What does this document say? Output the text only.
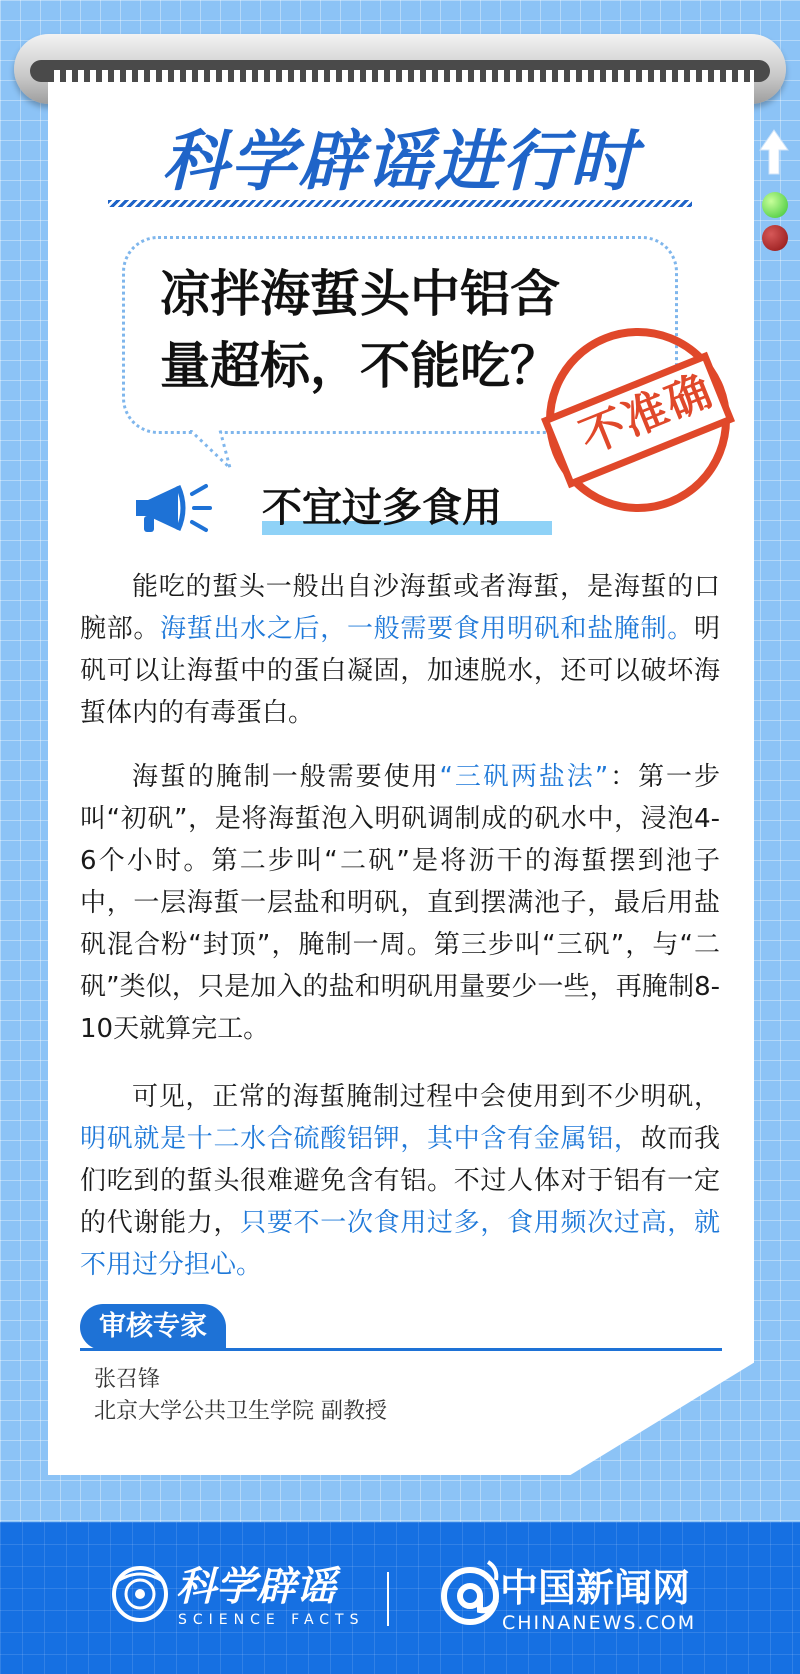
科学辟谣进行时
凉拌海蜇头中铝含
量超标，不能吃？ 不准确
不宜过多食用

能吃的蜇头一般出自沙海蜇或者海蜇，是海蜇的口腕部。海蜇出水之后，一般需要食用明矾和盐腌制。明矾可以让海蜇中的蛋白凝固，加速脱水，还可以破坏海蜇体内的有毒蛋白。

海蜇的腌制一般需要使用“三矾两盐法”：第一步叫“初矾”，是将海蜇泡入明矾调制成的矾水中，浸泡4-6个小时。第二步叫“二矾”是将沥干的海蜇摆到池子中，一层海蜇一层盐和明矾，直到摆满池子，最后用盐矾混合粉“封顶”，腌制一周。第三步叫“三矾”，与“二矾”类似，只是加入的盐和明矾用量要少一些，再腌制8-10天就算完工。

可见，正常的海蜇腌制过程中会使用到不少明矾，明矾就是十二水合硫酸铝钾，其中含有金属铝，故而我们吃到的蜇头很难避免含有铝。不过人体对于铝有一定的代谢能力，只要不一次食用过多，食用频次过高，就不用过分担心。

审核专家
张召锋
北京大学公共卫生学院 副教授
科学辟谣
SCIENCE FACTS
中国新闻网
CHINANEWS.COM
